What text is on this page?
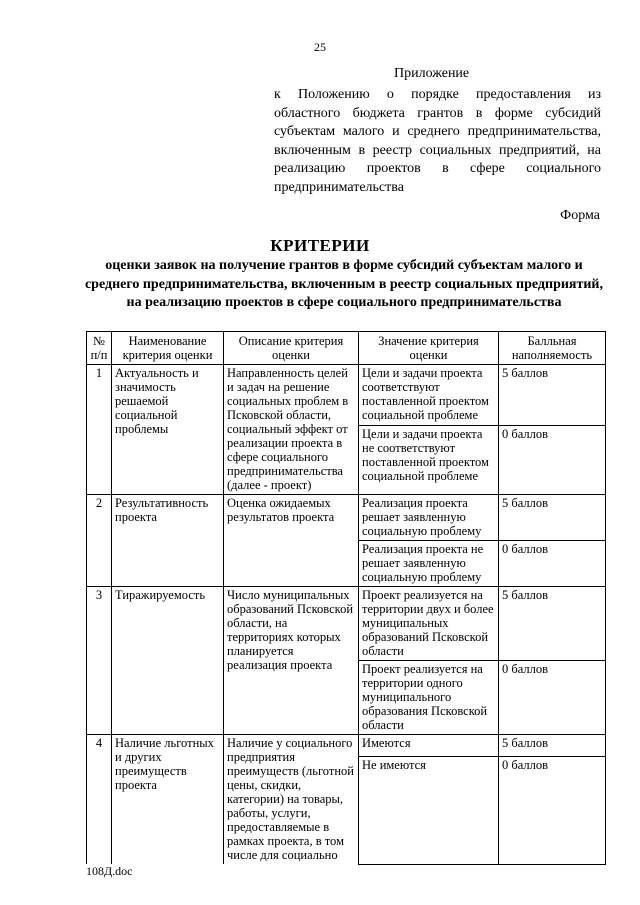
25
Приложение
к Положению о порядке предоставления из областного бюджета грантов в форме субсидий субъектам малого и среднего предпринимательства, включенным в реестр социальных предприятий, на реализацию проектов в сфере социального предпринимательства
Форма
КРИТЕРИИ
оценки заявок на получение грантов в форме субсидий субъектам малого и среднего предпринимательства, включенным в реестр социальных предприятий, на реализацию проектов в сфере социального предпринимательства
№ п/п	Наименование критерия оценки	Описание критерия оценки	Значение критерия оценки	Балльная наполняемость
1	Актуальность и значимость решаемой социальной проблемы	Направленность целей и задач на решение социальных проблем в Псковской области, социальный эффект от реализации проекта в сфере социального предпринимательства (далее - проект)	Цели и задачи проекта соответствуют поставленной проектом социальной проблеме	5 баллов
			Цели и задачи проекта не соответствуют поставленной проектом социальной проблеме	0 баллов
2	Результативность проекта	Оценка ожидаемых результатов проекта	Реализация проекта решает заявленную социальную проблему	5 баллов
			Реализация проекта не решает заявленную социальную проблему	0 баллов
3	Тиражируемость	Число муниципальных образований Псковской области, на территориях которых планируется реализация проекта	Проект реализуется на территории двух и более муниципальных образований Псковской области	5 баллов
			Проект реализуется на территории одного муниципального образования Псковской области	0 баллов
4	Наличие льготных и других преимуществ проекта	Наличие у социального предприятия преимуществ (льготной цены, скидки, категории) на товары, работы, услуги, предоставляемые в рамках проекта, в том числе для социально	Имеются	5 баллов
			Не имеются	0 баллов
108Д.doc
